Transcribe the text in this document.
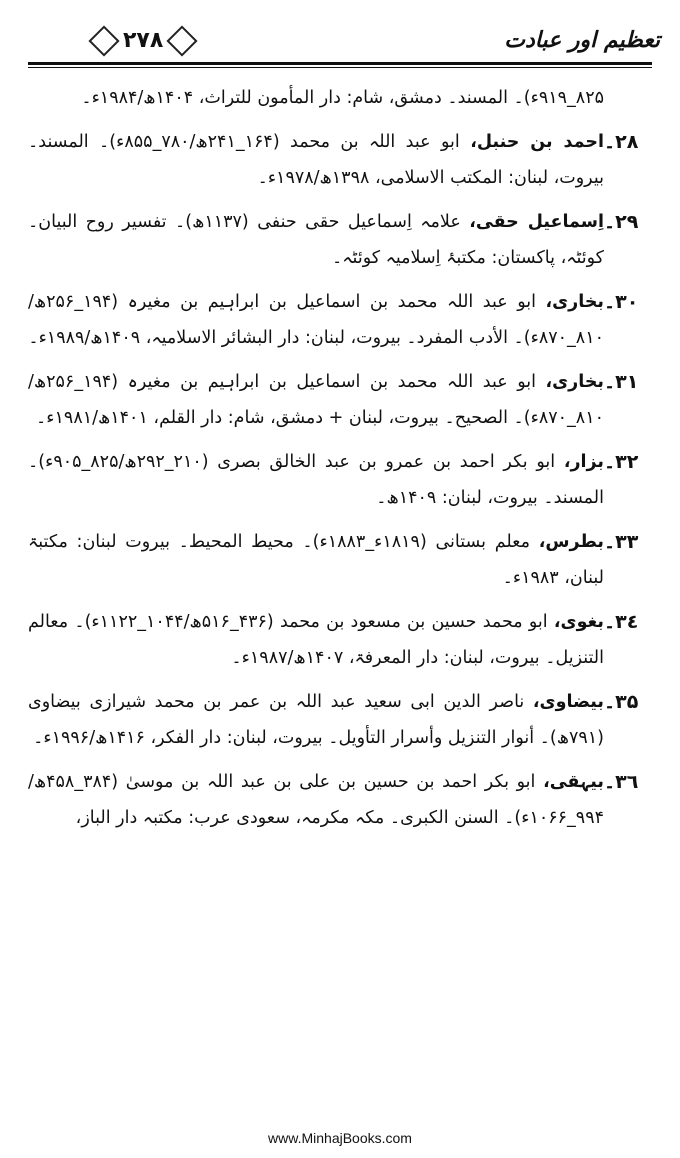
تعظیم اور عبادت
۲۷۸
۸۲۵_۹۱۹ء)۔ المسند۔ دمشق، شام: دار المأمون للتراث، ۱۴۰۴ھ/۱۹۸۴ء۔
۲۸۔
احمد بن حنبل، ابو عبد اللہ بن محمد (۱۶۴_۲۴۱ھ/۷۸۰_۸۵۵ء)۔ المسند۔ بیروت، لبنان: المکتب الاسلامی، ۱۳۹۸ھ/۱۹۷۸ء۔
۲۹۔
اِسماعیل حقی، علامہ اِسماعیل حقی حنفی (۱۱۳۷ھ)۔ تفسیر روح البیان۔ کوئٹہ، پاکستان: مکتبۂ اِسلامیہ کوئٹہ۔
۳۰۔
بخاری، ابو عبد اللہ محمد بن اسماعیل بن ابراہیم بن مغیرہ (۱۹۴_۲۵۶ھ/۸۱۰_۸۷۰ء)۔ الأدب المفرد۔ بیروت، لبنان: دار البشائر الاسلامیہ، ۱۴۰۹ھ/۱۹۸۹ء۔
۳۱۔
بخاری، ابو عبد اللہ محمد بن اسماعیل بن ابراہیم بن مغیرہ (۱۹۴_۲۵۶ھ/۸۱۰_۸۷۰ء)۔ الصحیح۔ بیروت، لبنان + دمشق، شام: دار القلم، ۱۴۰۱ھ/۱۹۸۱ء۔
۳۲۔
بزار، ابو بکر احمد بن عمرو بن عبد الخالق بصری (۲۱۰_۲۹۲ھ/۸۲۵_۹۰۵ء)۔ المسند۔ بیروت، لبنان: ۱۴۰۹ھ۔
۳۳۔
بطرس، معلم بستانی (۱۸۱۹ء_۱۸۸۳ء)۔ محیط المحیط۔ بیروت لبنان: مکتبۃ لبنان، ۱۹۸۳ء۔
۳٤۔
بغوی، ابو محمد حسین بن مسعود بن محمد (۴۳۶_۵۱۶ھ/۱۰۴۴_۱۱۲۲ء)۔ معالم التنزیل۔ بیروت، لبنان: دار المعرفۃ، ۱۴۰۷ھ/۱۹۸۷ء۔
۳۵۔
بیضاوی، ناصر الدین ابی سعید عبد اللہ بن عمر بن محمد شیرازی بیضاوی (۷۹۱ھ)۔ أنوار التنزیل وأسرار التأویل۔ بیروت، لبنان: دار الفکر، ۱۴۱۶ھ/۱۹۹۶ء۔
۳٦۔
بیہقی، ابو بکر احمد بن حسین بن علی بن عبد اللہ بن موسیٰ (۳۸۴_۴۵۸ھ/۹۹۴_۱۰۶۶ء)۔ السنن الکبری۔ مکہ مکرمہ، سعودی عرب: مکتبہ دار الباز،
www.MinhajBooks.com
